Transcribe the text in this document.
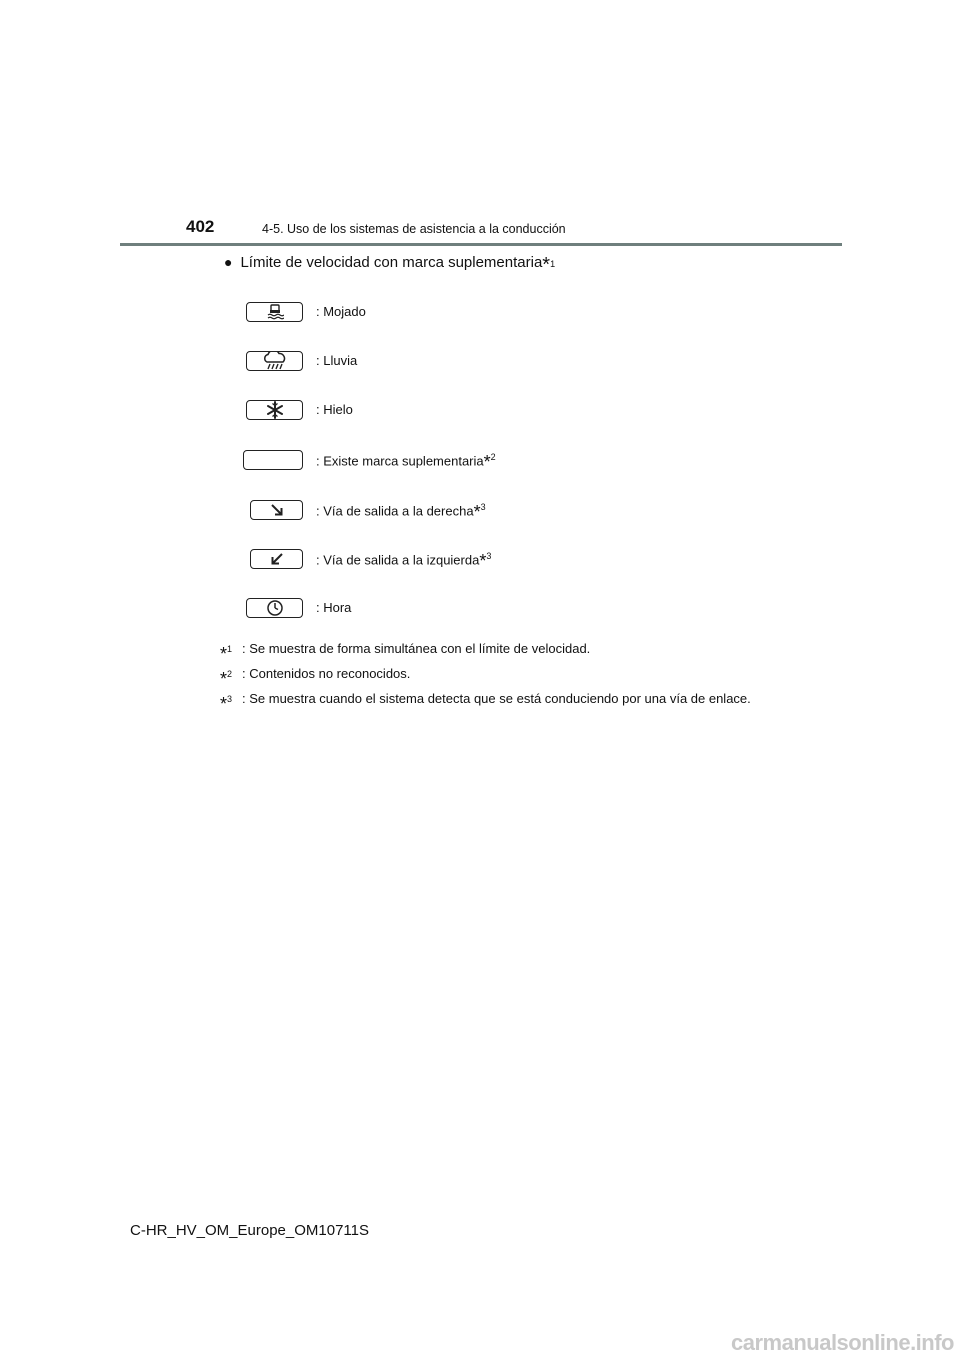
402	4-5. Uso de los sistemas de asistencia a la conducción
● Límite de velocidad con marca suplementaria * 1
: Mojado
: Lluvia
: Hielo
: Existe marca suplementaria*$^2$
: Vía de salida a la derecha*$^3$
: Vía de salida a la izquierda*$^3$
: Hora
*$^1$ : Se muestra de forma simultánea con el límite de velocidad.
*$^2$ : Contenidos no reconocidos.
*$^3$ : Se muestra cuando el sistema detecta que se está conduciendo por una vía de enlace.
C-HR_HV_OM_Europe_OM10711S
carmanualsonline.info
